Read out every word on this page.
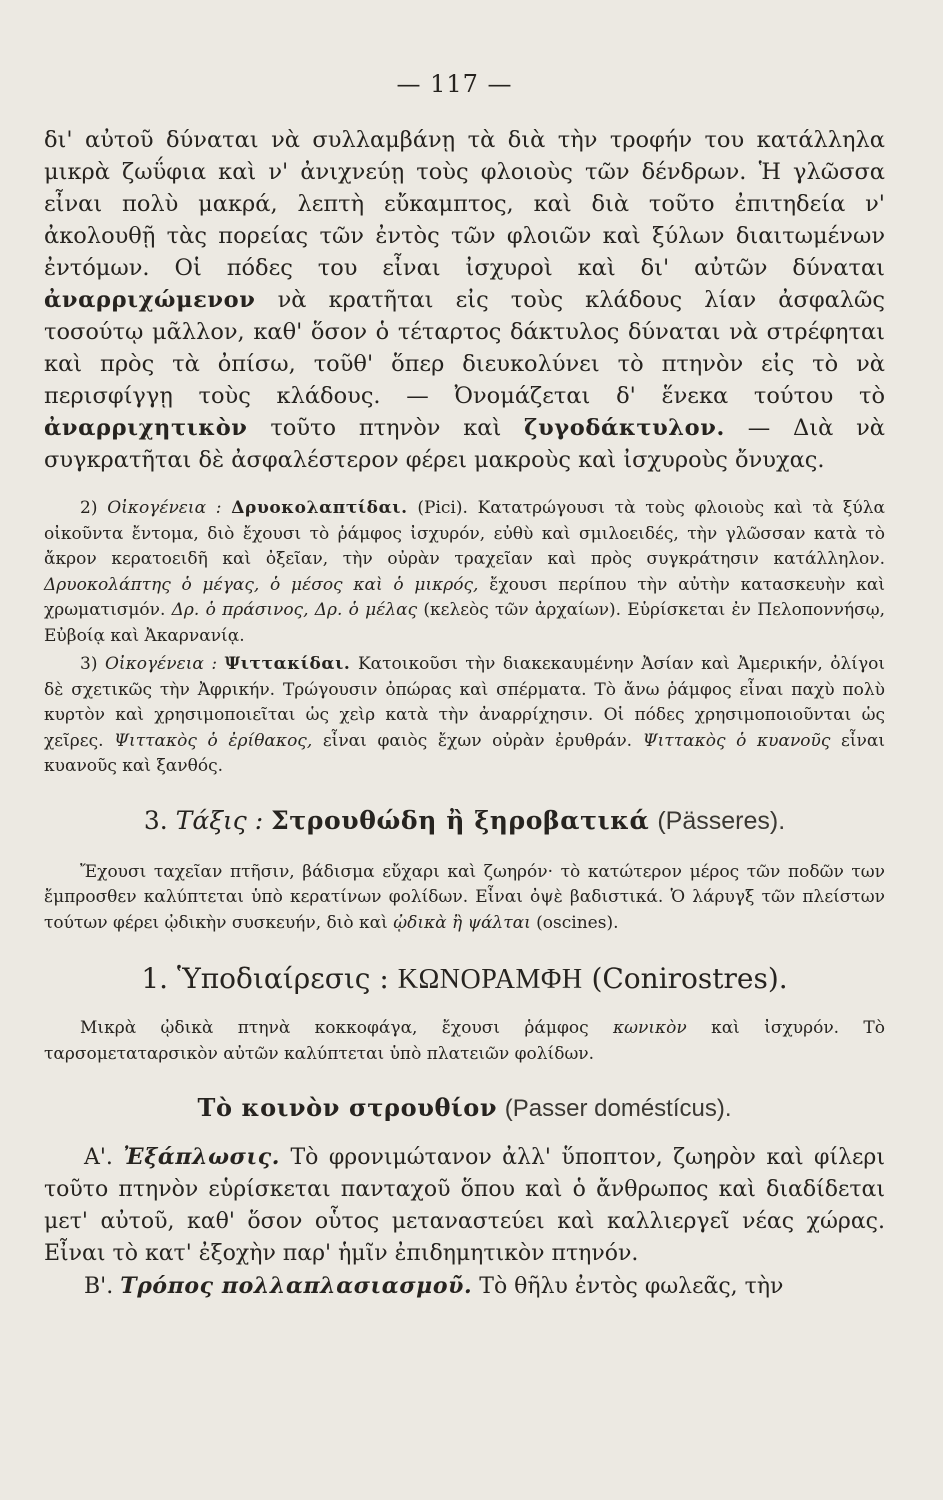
— 117 —

δι' αὐτοῦ δύναται νὰ συλλαμβάνῃ τὰ διὰ τὴν τροφήν του κατάλληλα μικρὰ ζωΰφια καὶ ν' ἀνιχνεύῃ τοὺς φλοιοὺς τῶν δένδρων. Ἡ γλῶσσα εἶναι πολὺ μακρά, λεπτὴ εὔκαμπτος, καὶ διὰ τοῦτο ἐπιτηδεία ν' ἀκολουθῇ τὰς πορείας τῶν ἐντὸς τῶν φλοιῶν καὶ ξύλων διαιτωμένων ἐντόμων. Οἱ πόδες του εἶναι ἰσχυροὶ καὶ δι' αὐτῶν δύναται ἀναρριχώμενον νὰ κρατῆται εἰς τοὺς κλάδους λίαν ἀσφαλῶς τοσούτῳ μᾶλλον, καθ' ὅσον ὁ τέταρτος δάκτυλος δύναται νὰ στρέφηται καὶ πρὸς τὰ ὀπίσω, τοῦθ' ὅπερ διευκολύνει τὸ πτηνὸν εἰς τὸ νὰ περισφίγγῃ τοὺς κλάδους. — Ὀνομάζεται δ' ἕνεκα τούτου τὸ ἀναρριχητικὸν τοῦτο πτηνὸν καὶ ζυγοδάκτυλον. — Διὰ νὰ συγκρατῆται δὲ ἀσφαλέστερον φέρει μακροὺς καὶ ἰσχυροὺς ὄνυχας.

2) Οἰκογένεια : Δρυοκολαπτίδαι. (Pici). Κατατρώγουσι τὰ τοὺς φλοιοὺς καὶ τὰ ξύλα οἰκοῦντα ἔντομα, διὸ ἔχουσι τὸ ῥάμφος ἰσχυρόν, εὐθὺ καὶ σμιλοειδές, τὴν γλῶσσαν κατὰ τὸ ἄκρον κερατοειδῆ καὶ ὀξεῖαν, τὴν οὐρὰν τραχεῖαν καὶ πρὸς συγκράτησιν κατάλληλον. Δρυοκολάπτης ὁ μέγας, ὁ μέσος καὶ ὁ μικρός, ἔχουσι περίπου τὴν αὐτὴν κατασκευὴν καὶ χρωματισμόν. Δρ. ὁ πράσινος, Δρ. ὁ μέλας (κελεὸς τῶν ἀρχαίων). Εὑρίσκεται ἐν Πελοποννήσῳ, Εὐβοίᾳ καὶ Ἀκαρνανίᾳ.

3) Οἰκογένεια : Ψιττακίδαι. Κατοικοῦσι τὴν διακεκαυμένην Ἀσίαν καὶ Ἀμερικήν, ὀλίγοι δὲ σχετικῶς τὴν Ἀφρικήν. Τρώγουσιν ὀπώρας καὶ σπέρματα. Τὸ ἄνω ῥάμφος εἶναι παχὺ πολὺ κυρτὸν καὶ χρησιμοποιεῖται ὡς χεὶρ κατὰ τὴν ἀναρρίχησιν. Οἱ πόδες χρησιμοποιοῦνται ὡς χεῖρες. Ψιττακὸς ὁ ἐρίθακος, εἶναι φαιὸς ἔχων οὐρὰν ἐρυθράν. Ψιττακὸς ὁ κυανοῦς εἶναι κυανοῦς καὶ ξανθός.

3. Τάξις : Στρουθώδη ἢ ξηροβατικά (Pässeres).

Ἔχουσι ταχεῖαν πτῆσιν, βάδισμα εὔχαρι καὶ ζωηρόν· τὸ κατώτερον μέρος τῶν ποδῶν των ἔμπροσθεν καλύπτεται ὑπὸ κερατίνων φολίδων. Εἶναι ὀψὲ βαδιστικά. Ὁ λάρυγξ τῶν πλείστων τούτων φέρει ᾠδικὴν συσκευήν, διὸ καὶ ᾠδικὰ ἢ ψάλται (oscines).

1. Ὑποδιαίρεσις : ΚΩΝΟΡΑΜΦΗ (Conirostres).

Μικρὰ ᾠδικὰ πτηνὰ κοκκοφάγα, ἔχουσι ῥάμφος κωνικὸν καὶ ἰσχυρόν. Τὸ ταρσομεταταρσικὸν αὐτῶν καλύπτεται ὑπὸ πλατειῶν φολίδων.

Τὸ κοινὸν στρουθίον (Passer doméstícus).

Α'. Ἐξάπλωσις. Τὸ φρονιμώτανον ἀλλ' ὕποπτον, ζωηρὸν καὶ φίλερι τοῦτο πτηνὸν εὑρίσκεται πανταχοῦ ὅπου καὶ ὁ ἄνθρωπος καὶ διαδίδεται μετ' αὐτοῦ, καθ' ὅσον οὗτος μεταναστεύει καὶ καλλιεργεῖ νέας χώρας. Εἶναι τὸ κατ' ἐξοχὴν παρ' ἡμῖν ἐπιδημητικὸν πτηνόν.

Β'. Τρόπος πολλαπλασιασμοῦ. Τὸ θῆλυ ἐντὸς φωλεᾶς, τὴν
